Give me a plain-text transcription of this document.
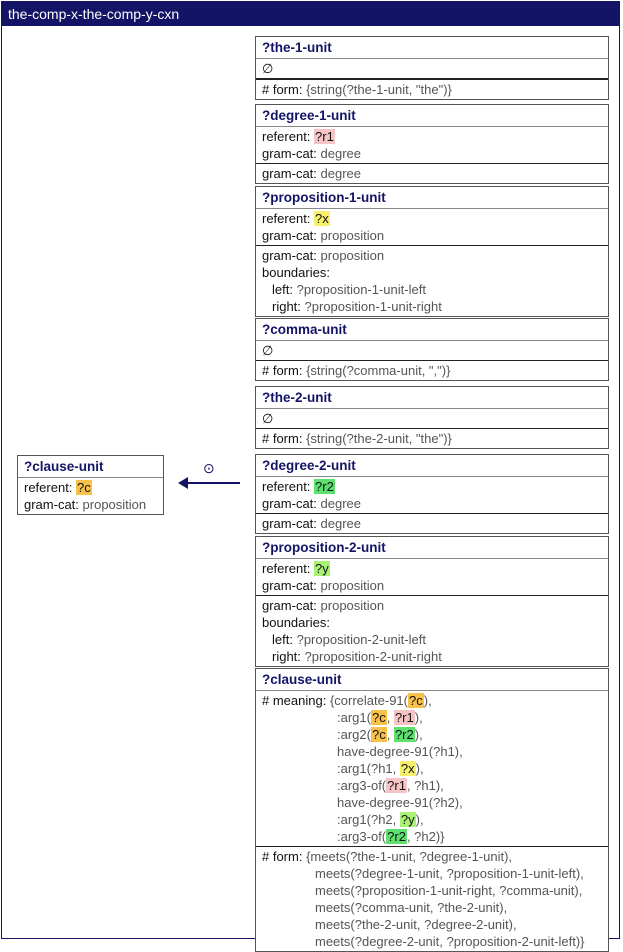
the-comp-x-the-comp-y-cxn
?clause-unit
referent: ?c
gram-cat: proposition
⊙
?the-1-unit
∅
# form: {string(?the-1-unit, "the")}
?degree-1-unit
referent: ?r1
gram-cat: degree
gram-cat: degree
?proposition-1-unit
referent: ?x
gram-cat: proposition
gram-cat: proposition
boundaries:
left: ?proposition-1-unit-left
right: ?proposition-1-unit-right
?comma-unit
∅
# form: {string(?comma-unit, ",")}
?the-2-unit
∅
# form: {string(?the-2-unit, "the")}
?degree-2-unit
referent: ?r2
gram-cat: degree
gram-cat: degree
?proposition-2-unit
referent: ?y
gram-cat: proposition
gram-cat: proposition
boundaries:
left: ?proposition-2-unit-left
right: ?proposition-2-unit-right
?clause-unit
# meaning: {correlate-91(?c),
:arg1(?c, ?r1),
:arg2(?c, ?r2),
have-degree-91(?h1),
:arg1(?h1, ?x),
:arg3-of(?r1, ?h1),
have-degree-91(?h2),
:arg1(?h2, ?y),
:arg3-of(?r2, ?h2)}
# form: {meets(?the-1-unit, ?degree-1-unit),
meets(?degree-1-unit, ?proposition-1-unit-left),
meets(?proposition-1-unit-right, ?comma-unit),
meets(?comma-unit, ?the-2-unit),
meets(?the-2-unit, ?degree-2-unit),
meets(?degree-2-unit, ?proposition-2-unit-left)}
